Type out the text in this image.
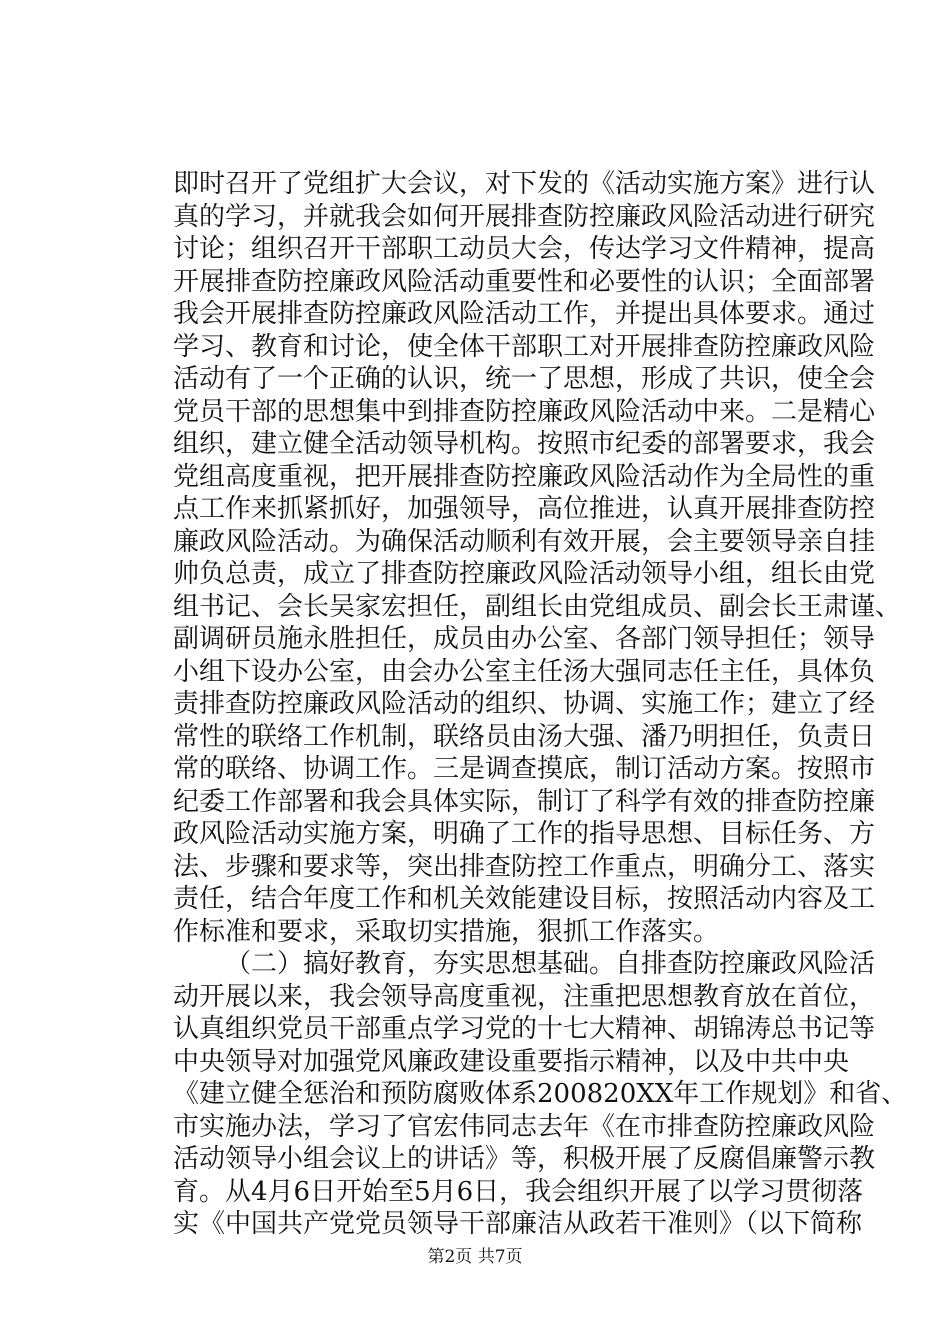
即时召开了党组扩大会议，对下发的《活动实施方案》进行认
真的学习，并就我会如何开展排查防控廉政风险活动进行研究
讨论；组织召开干部职工动员大会，传达学习文件精神，提高
开展排查防控廉政风险活动重要性和必要性的认识；全面部署
我会开展排查防控廉政风险活动工作，并提出具体要求。通过
学习、教育和讨论，使全体干部职工对开展排查防控廉政风险
活动有了一个正确的认识，统一了思想，形成了共识，使全会
党员干部的思想集中到排查防控廉政风险活动中来。二是精心
组织，建立健全活动领导机构。按照市纪委的部署要求，我会
党组高度重视，把开展排查防控廉政风险活动作为全局性的重
点工作来抓紧抓好，加强领导，高位推进，认真开展排查防控
廉政风险活动。为确保活动顺利有效开展，会主要领导亲自挂
帅负总责，成立了排查防控廉政风险活动领导小组，组长由党
组书记、会长吴家宏担任，副组长由党组成员、副会长王肃谨、
副调研员施永胜担任，成员由办公室、各部门领导担任；领导
小组下设办公室，由会办公室主任汤大强同志任主任，具体负
责排查防控廉政风险活动的组织、协调、实施工作；建立了经
常性的联络工作机制，联络员由汤大强、潘乃明担任，负责日
常的联络、协调工作。三是调查摸底，制订活动方案。按照市
纪委工作部署和我会具体实际，制订了科学有效的排查防控廉
政风险活动实施方案，明确了工作的指导思想、目标任务、方
法、步骤和要求等，突出排查防控工作重点，明确分工、落实
责任，结合年度工作和机关效能建设目标，按照活动内容及工
作标准和要求，采取切实措施，狠抓工作落实。
（二）搞好教育，夯实思想基础。自排查防控廉政风险活
动开展以来，我会领导高度重视，注重把思想教育放在首位，
认真组织党员干部重点学习党的十七大精神、胡锦涛总书记等
中央领导对加强党风廉政建设重要指示精神，以及中共中央
《建立健全惩治和预防腐败体系200820XX年工作规划》和省、
市实施办法，学习了官宏伟同志去年《在市排查防控廉政风险
活动领导小组会议上的讲话》等，积极开展了反腐倡廉警示教
育。从4月6日开始至5月6日，我会组织开展了以学习贯彻落
实《中国共产党党员领导干部廉洁从政若干准则》（以下简称
第2页 共7页
